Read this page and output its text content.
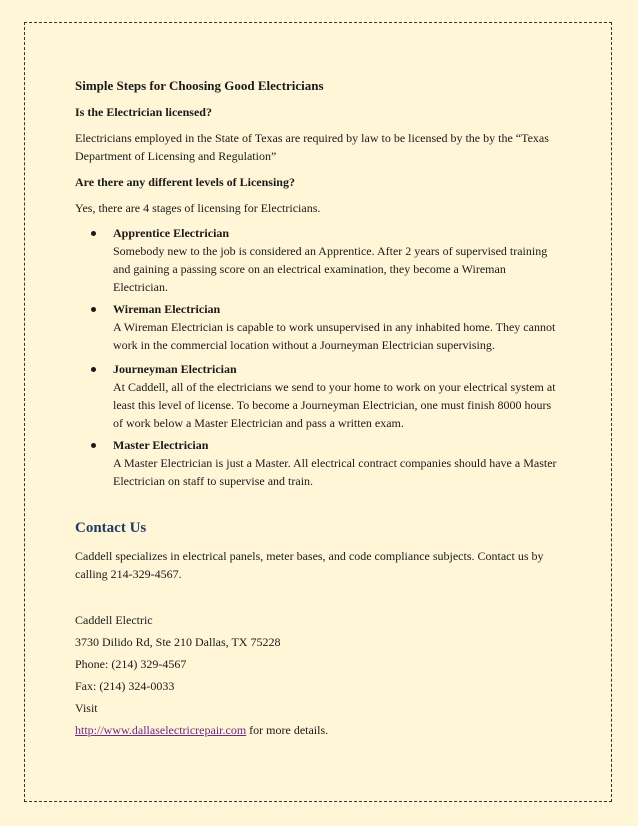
Simple Steps for Choosing Good Electricians
Is the Electrician licensed?
Electricians employed in the State of Texas are required by law to be licensed by the by the “Texas
Department of Licensing and Regulation”
Are there any different levels of Licensing?
Yes, there are 4 stages of licensing for Electricians.
Apprentice Electrician
Somebody new to the job is considered an Apprentice. After 2 years of supervised training
and gaining a passing score on an electrical examination, they become a Wireman
Electrician.
Wireman Electrician
A Wireman Electrician is capable to work unsupervised in any inhabited home. They cannot
work in the commercial location without a Journeyman Electrician supervising.
Journeyman Electrician
At Caddell, all of the electricians we send to your home to work on your electrical system at
least this level of license. To become a Journeyman Electrician, one must finish 8000 hours
of work below a Master Electrician and pass a written exam.
Master Electrician
A Master Electrician is just a Master. All electrical contract companies should have a Master
Electrician on staff to supervise and train.
Contact Us
Caddell specializes in electrical panels, meter bases, and code compliance subjects. Contact us by
calling 214-329-4567.
Caddell Electric
3730 Dilido Rd, Ste 210 Dallas, TX 75228
Phone: (214) 329-4567
Fax: (214) 324-0033
Visit
http://www.dallaselectricrepair.com for more details.
